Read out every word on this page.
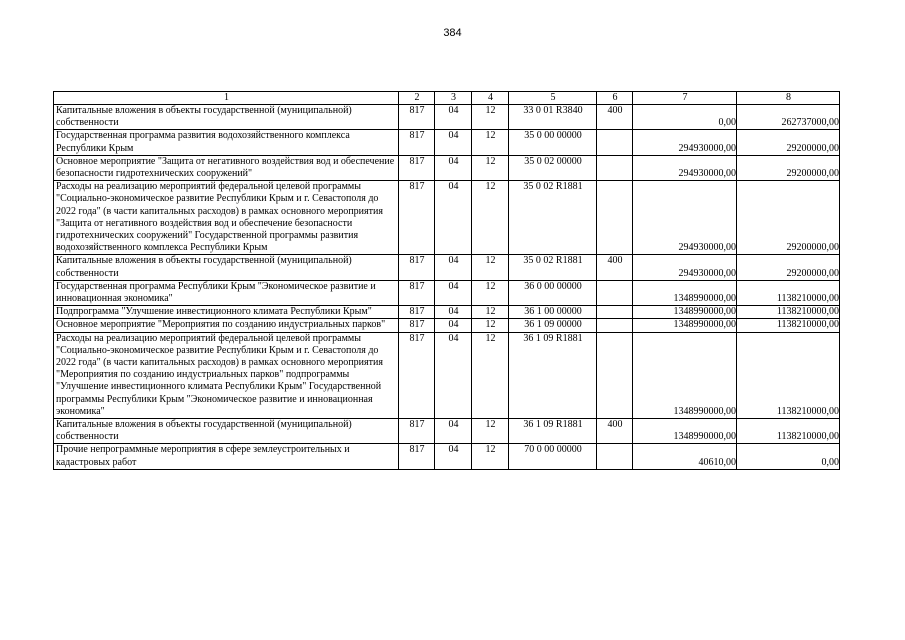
384
1	2	3	4	5	6	7	8
Капитальные вложения в объекты государственной (муниципальной) собственности	817	04	12	33 0 01 R3840	400	0,00	262737000,00
Государственная программа развития водохозяйственного комплекса Республики Крым	817	04	12	35 0 00 00000		294930000,00	29200000,00
Основное мероприятие "Защита от негативного воздействия вод и обеспечение безопасности гидротехнических сооружений"	817	04	12	35 0 02 00000		294930000,00	29200000,00
Расходы на реализацию мероприятий федеральной целевой программы "Социально-экономическое развитие Республики Крым и г. Севастополя до 2022 года" (в части капитальных расходов) в рамках основного мероприятия "Защита от негативного воздействия вод и обеспечение безопасности гидротехнических сооружений" Государственной программы развития водохозяйственного комплекса Республики Крым	817	04	12	35 0 02 R1881		294930000,00	29200000,00
Капитальные вложения в объекты государственной (муниципальной) собственности	817	04	12	35 0 02 R1881	400	294930000,00	29200000,00
Государственная программа Республики Крым "Экономическое развитие и инновационная экономика"	817	04	12	36 0 00 00000		1348990000,00	1138210000,00
Подпрограмма "Улучшение инвестиционного климата Республики Крым"	817	04	12	36 1 00 00000		1348990000,00	1138210000,00
Основное мероприятие "Мероприятия по созданию индустриальных парков"	817	04	12	36 1 09 00000		1348990000,00	1138210000,00
Расходы на реализацию мероприятий федеральной целевой программы "Социально-экономическое развитие Республики Крым и г. Севастополя до 2022 года" (в части капитальных расходов) в рамках основного мероприятия "Мероприятия по созданию индустриальных парков" подпрограммы "Улучшение инвестиционного климата Республики Крым" Государственной программы Республики Крым "Экономическое развитие и инновационная экономика"	817	04	12	36 1 09 R1881		1348990000,00	1138210000,00
Капитальные вложения в объекты государственной (муниципальной) собственности	817	04	12	36 1 09 R1881	400	1348990000,00	1138210000,00
Прочие непрограммные мероприятия в сфере землеустроительных и кадастровых работ	817	04	12	70 0 00 00000		40610,00	0,00
